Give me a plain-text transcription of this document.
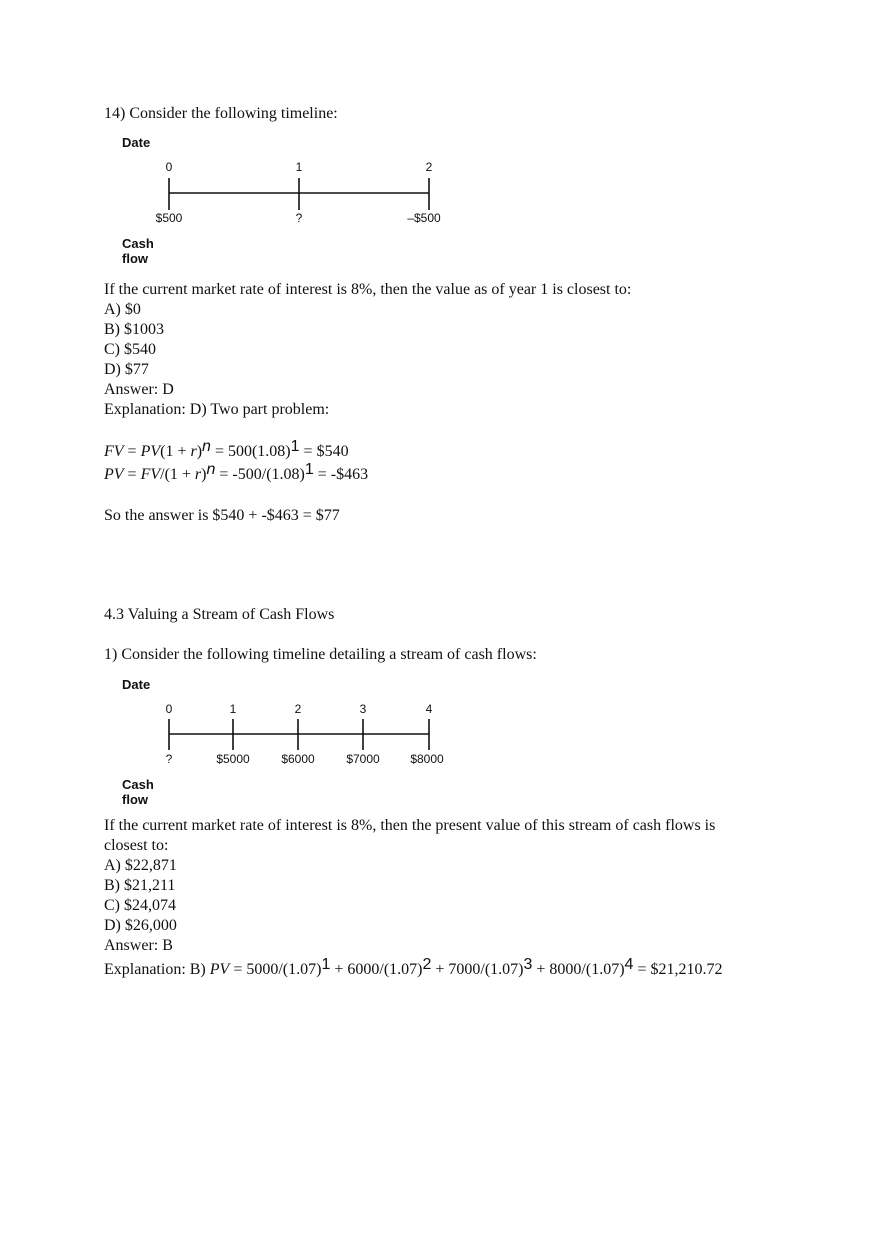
14) Consider the following timeline:
Date
0	1	2
$500	?	–$500
Cash
flow
If the current market rate of interest is 8%, then the value as of year 1 is closest to:
A) $0
B) $1003
C) $540
D) $77
Answer: D
Explanation: D) Two part problem:
FV = $PV(1 + r)^n = 500(1.08)^1$ = $540
PV = $FV/(1 + r)^n = -500/(1.08)^1$ = -$463
So the answer is $540 + -$463 = $77
4.3 Valuing a Stream of Cash Flows
1) Consider the following timeline detailing a stream of cash flows:
Date
0	1	2	3	4
?	$5000	$6000	$7000	$8000
Cash
flow
If the current market rate of interest is 8%, then the present value of this stream of cash flows is
closest to:
A) $22,871
B) $21,211
C) $24,074
D) $26,000
Answer: B
Explanation: B) PV = $5000/(1.07)^1 + 6000/(1.07)^2 + 7000/(1.07)^3 + 8000/(1.07)^4$ = $21,210.72
